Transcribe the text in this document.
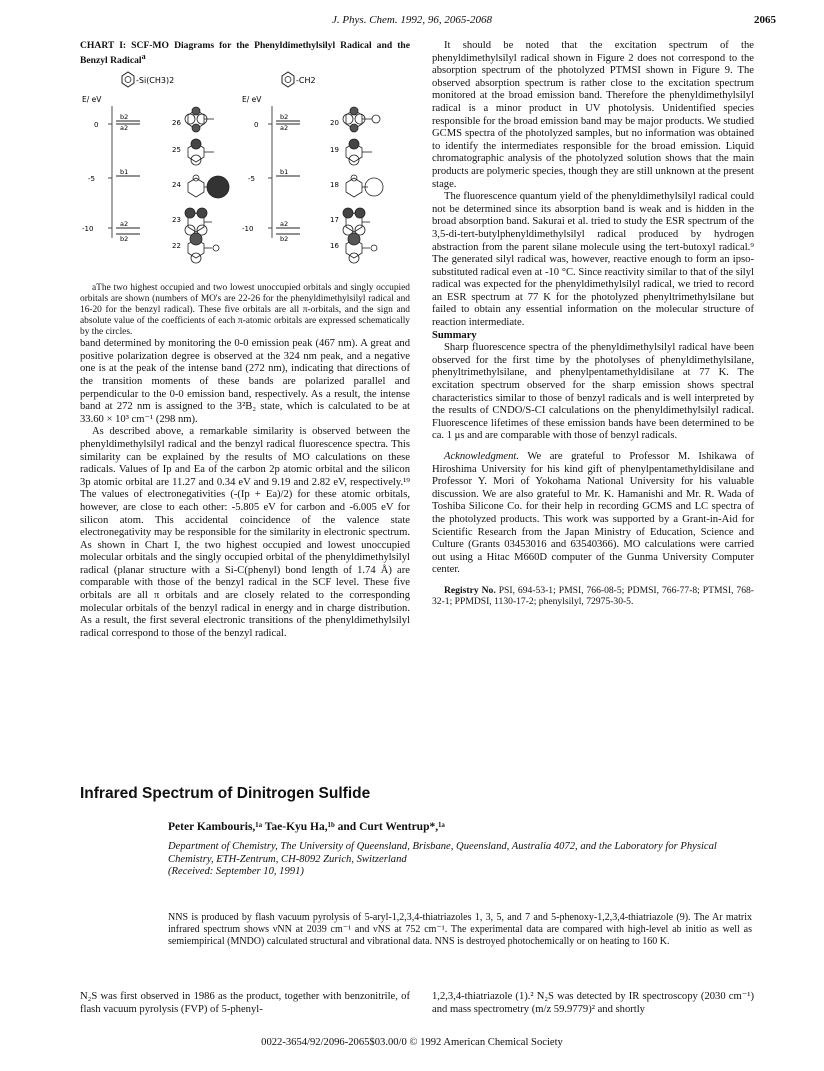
J. Phys. Chem. 1992, 96, 2065-2068	2065

CHART I: SCF-MO Diagrams for the Phenyldimethylsilyl Radical and the Benzyl Radical$^a$

-Si(CH3)2	-CH2
E/ eV	E/ eV
0
-5
-10
0
-5
-10
b2
a2
b1
a2
b2
b2
a2
b1
a2
b2
26
25
24
23
22
20
19
18
17
16

aThe two highest occupied and two lowest unoccupied orbitals and singly occupied orbitals are shown (numbers of MO's are 22-26 for the phenyldimethylsilyl radical and 16-20 for the benzyl radical). These five orbitals are all π-orbitals, and the sign and absolute value of the coefficients of each π-atomic orbitals are expressed schematically by the circles.

band determined by monitoring the 0-0 emission peak (467 nm). A great and positive polarization degree is observed at the 324 nm peak, and a negative one is at the peak of the intense band (272 nm), indicating that directions of the transition moments of these bands are polarized parallel and perpendicular to the 0-0 emission band, respectively. As a result, the intense band at 272 nm is assigned to the 3²B₂ state, which is calculated to be at 33.60 × 10³ cm⁻¹ (298 nm).

As described above, a remarkable similarity is observed between the phenyldimethylsilyl radical and the benzyl radical fluorescence spectra. This similarity can be explained by the results of MO calculations on these radicals. Values of Ip and Ea of the carbon 2p atomic orbital and the silicon 3p atomic orbital are 11.27 and 0.34 eV and 9.19 and 2.82 eV, respectively.¹⁹ The values of electronegativities (-(Ip + Ea)/2) for these atomic orbitals, however, are close to each other: -5.805 eV for carbon and -6.005 eV for silicon atom. This accidental coincidence of the valence state electronegativity may be responsible for the similarity in electronic spectrum. As shown in Chart I, the two highest occupied and lowest unoccupied molecular orbitals and the singly occupied orbital of the phenyldimethylsilyl radical (planar structure with a Si-C(phenyl) bond length of 1.74 Å) are comparable with those of the benzyl radical in the SCF level. These five orbitals are all π orbitals and are closely related to the corresponding molecular orbitals of the benzyl radical in energy and in charge distribution. As a result, the first several electronic transitions of the phenyldimethylsilyl radical correspond to those of the benzyl radical.

It should be noted that the excitation spectrum of the phenyldimethylsilyl radical shown in Figure 2 does not correspond to the absorption spectrum of the photolyzed PTMSI shown in Figure 9. The observed absorption spectrum is rather close to the excitation spectrum monitored at the broad emission band. Therefore the phenyldimethylsilyl radical is a minor product in UV photolysis. Unidentified species responsible for the broad emission band may be major products. We studied GCMS spectra of the photolyzed samples, but no information was obtained to identify the intermediates responsible for the broad emission. Liquid chromatographic analysis of the photolyzed solution shows that the main products are polymeric species, though they are still unknown at the present stage.

The fluorescence quantum yield of the phenyldimethylsilyl radical could not be determined since its absorption band is weak and is hidden in the broad absorption band. Sakurai et al. tried to study the ESR spectrum of the 3,5-di-tert-butylphenyldimethylsilyl radical produced by hydrogen abstraction from the parent silane molecule using the tert-butoxyl radical.⁹ The generated silyl radical was, however, reactive enough to form an ipso-substituted radical even at -10 °C. Since reactivity similar to that of the silyl radical was expected for the phenyldimethylsilyl radical, we tried to record an ESR spectrum at 77 K for the photolyzed phenyltrimethylsilane but failed to obtain any essential information on the molecular structure of reaction intermediate.

Summary

Sharp fluorescence spectra of the phenyldimethylsilyl radical have been observed for the first time by the photolyses of phenyldimethylsilane, phenyltrimethylsilane, and phenylpentamethyldisilane at 77 K. The excitation spectrum observed for the sharp emission shows spectral characteristics similar to those of benzyl radicals and is well interpreted by the results of CNDO/S-CI calculations on the phenyldimethylsilyl radical. Fluorescence lifetimes of these emission bands have been determined to be ca. 1 μs and are comparable with those of benzyl radicals.

Acknowledgment. We are grateful to Professor M. Ishikawa of Hiroshima University for his kind gift of phenylpentamethyldisilane and Professor Y. Mori of Yokohama National University for his valuable discussion. We are also grateful to Mr. K. Hamanishi and Mr. R. Wada of Toshiba Silicone Co. for their help in recording GCMS and LC spectra of the photolyzed products. This work was supported by a Grant-in-Aid for Scientific Research from the Japan Ministry of Education, Science and Culture (Grants 03453016 and 63540366). MO calculations were carried out using a Hitac M660D computer of the Gunma University Computer center.

Registry No. PSI, 694-53-1; PMSI, 766-08-5; PDMSI, 766-77-8; PTMSI, 768-32-1; PPMDSI, 1130-17-2; phenylsilyl, 72975-30-5.

Infrared Spectrum of Dinitrogen Sulfide
Peter Kambouris,¹ᵃ Tae-Kyu Ha,¹ᵇ and Curt Wentrup*,¹ᵃ
Department of Chemistry, The University of Queensland, Brisbane, Queensland, Australia 4072, and the Laboratory for Physical Chemistry, ETH-Zentrum, CH-8092 Zurich, Switzerland
(Received: September 10, 1991)
NNS is produced by flash vacuum pyrolysis of 5-aryl-1,2,3,4-thiatriazoles 1, 3, 5, and 7 and 5-phenoxy-1,2,3,4-thiatriazole (9). The Ar matrix infrared spectrum shows νNN at 2039 cm⁻¹ and νNS at 752 cm⁻¹. The experimental data are compared with high-level ab initio as well as semiempirical (MNDO) calculated structural and vibrational data. NNS is destroyed photochemically or on heating to 160 K.
N₂S was first observed in 1986 as the product, together with benzonitrile, of flash vacuum pyrolysis (FVP) of 5-phenyl-
1,2,3,4-thiatriazole (1).² N₂S was detected by IR spectroscopy (2030 cm⁻¹) and mass spectrometry (m/z 59.9779)² and shortly
0022-3654/92/2096-2065$03.00/0 © 1992 American Chemical Society
